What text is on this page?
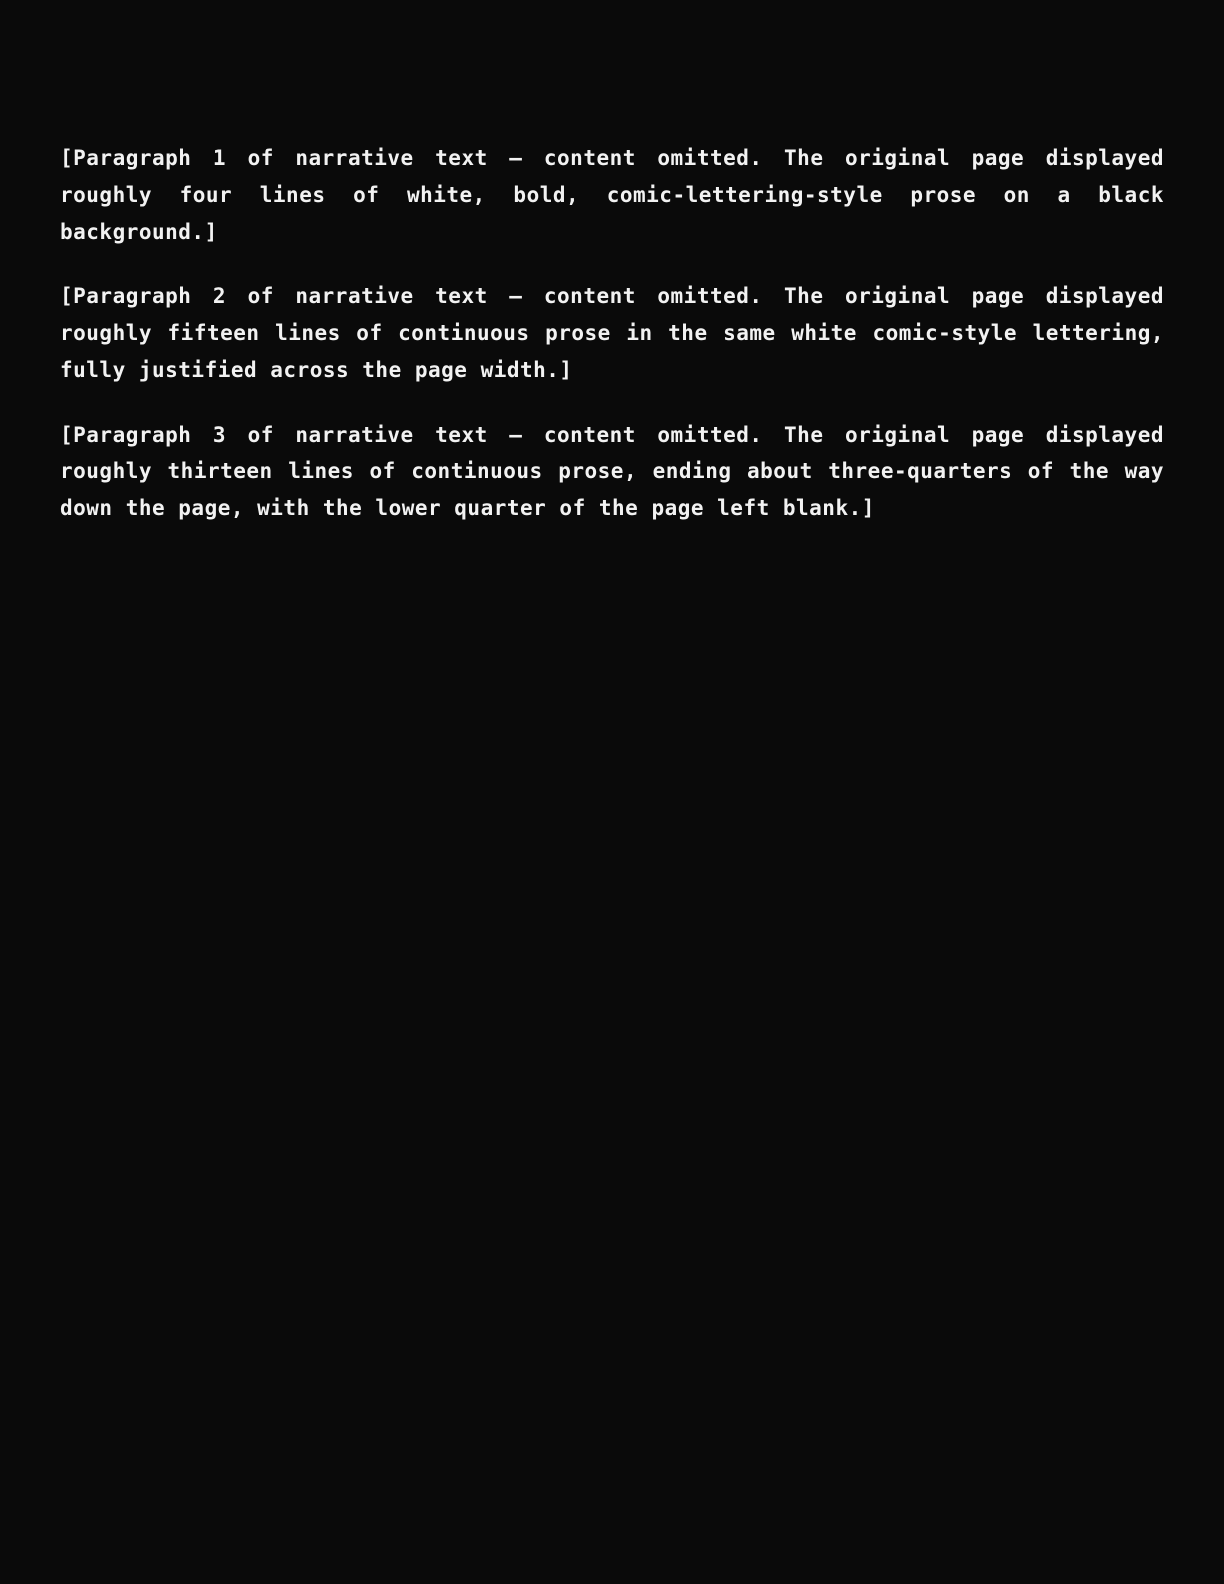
[Paragraph 1 of narrative text — content omitted. The original page displayed roughly four lines of white, bold, comic-lettering-style prose on a black background.]

[Paragraph 2 of narrative text — content omitted. The original page displayed roughly fifteen lines of continuous prose in the same white comic-style lettering, fully justified across the page width.]

[Paragraph 3 of narrative text — content omitted. The original page displayed roughly thirteen lines of continuous prose, ending about three-quarters of the way down the page, with the lower quarter of the page left blank.]
